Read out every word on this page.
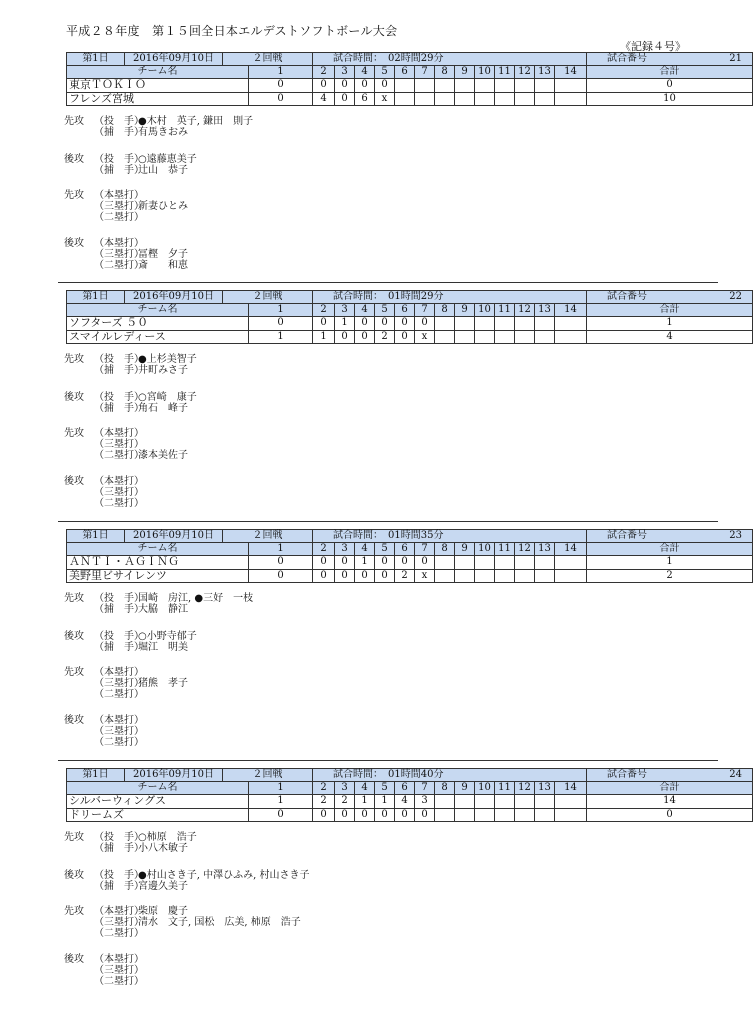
平成２８年度　第１５回全日本エルデストソフトボール大会
《記録４号》
第1日	2016年09月10日	２回戦		試合時間：　 02時間29分													試合番号 21	
チーム名			1	2	3	4	5	6	7	8	9	10	11	12	13	14	合計	
東京ＴＯＫＩＯ			0	0	0	0	0										0	
フレンズ宮城			0	4	0	6	x										10	
先攻	（投　手）
●木村　英子, 鎌田　則子
（捕　手）
有馬きおみ
後攻	（投　手）
○遠藤恵美子
（捕　手）
辻山　恭子
先攻	（本塁打）
（三塁打）
新妻ひとみ
（二塁打）
後攻	（本塁打）
（三塁打）
冨樫　夕子
（二塁打）
斎　　和恵
第1日	2016年09月10日	２回戦		試合時間：　 01時間29分													試合番号 22	
チーム名			1	2	3	4	5	6	7	8	9	10	11	12	13	14	合計	
ソフターズ ５０			0	0	1	0	0	0	0								1	
スマイルレディース			1	1	0	0	2	0	x								4	
先攻	（投　手）
●上杉美智子
（捕　手）
井町みさ子
後攻	（投　手）
○宮崎　康子
（捕　手）
角石　峰子
先攻	（本塁打）
（三塁打）
（二塁打）
漆本美佐子
後攻	（本塁打）
（三塁打）
（二塁打）
第1日	2016年09月10日	２回戦		試合時間：　 01時間35分													試合番号 23	
チーム名			1	2	3	4	5	6	7	8	9	10	11	12	13	14	合計	
ＡＮＴＩ・ＡＧＩＮＧ			0	0	0	1	0	0	0								1	
美野里ビサイレンツ			0	0	0	0	0	2	x								2	
先攻	（投　手）
国崎　房江, ●三好　一枝
（捕　手）
大脇　静江
後攻	（投　手）
○小野寺郁子
（捕　手）
堀江　明美
先攻	（本塁打）
（三塁打）
猪熊　孝子
（二塁打）
後攻	（本塁打）
（三塁打）
（二塁打）
第1日	2016年09月10日	２回戦		試合時間：　 01時間40分													試合番号 24	
チーム名			1	2	3	4	5	6	7	8	9	10	11	12	13	14	合計	
シルバーウィングス			1	2	2	1	1	4	3								14	
ドリームズ			0	0	0	0	0	0	0								0	
先攻	（投　手）
○柿原　浩子
（捕　手）
小八木敏子
後攻	（投　手）
●村山さき子, 中澤ひふみ, 村山さき子
（捕　手）
宮邊久美子
先攻	（本塁打）
柴原　慶子
（三塁打）
清水　文子, 国松　広美, 柿原　浩子
（二塁打）
後攻	（本塁打）
（三塁打）
（二塁打）
